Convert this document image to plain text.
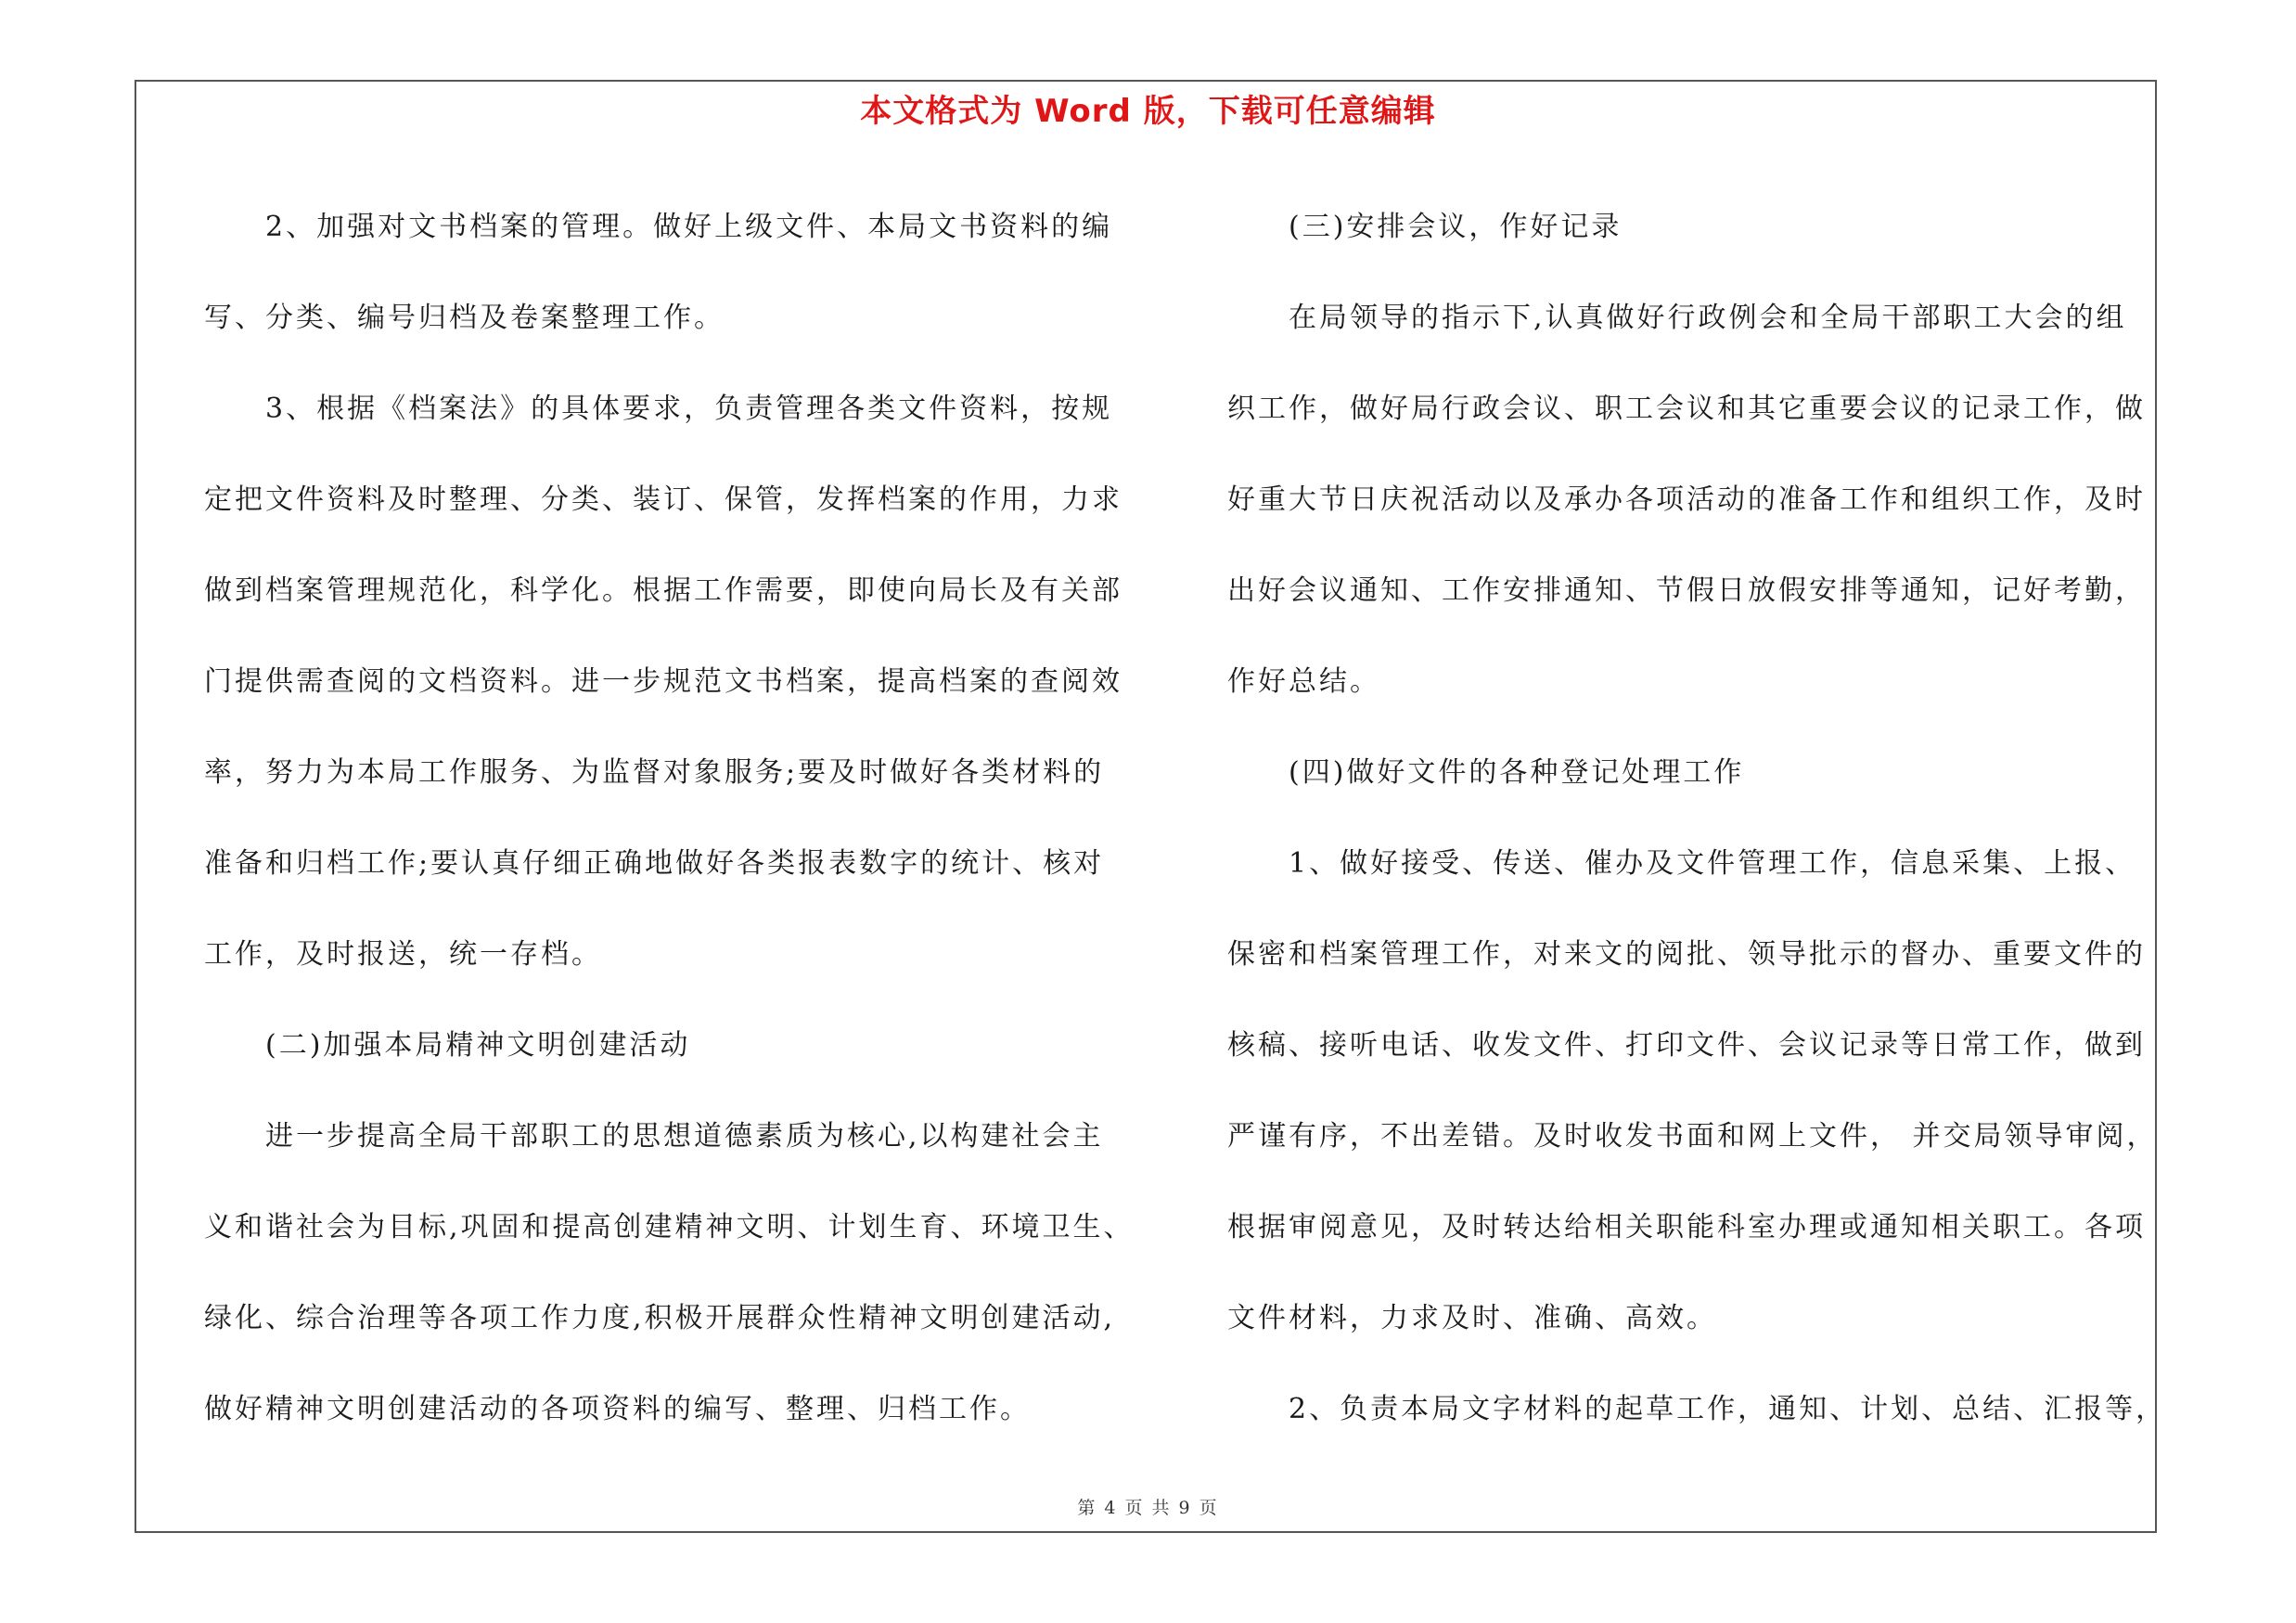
本文格式为 Word 版，下载可任意编辑

　　2、加强对文书档案的管理。做好上级文件、本局文书资料的编

写、分类、编号归档及卷案整理工作。

　　3、根据《档案法》的具体要求，负责管理各类文件资料，按规

定把文件资料及时整理、分类、装订、保管，发挥档案的作用，力求

做到档案管理规范化，科学化。根据工作需要，即使向局长及有关部

门提供需查阅的文档资料。进一步规范文书档案，提高档案的查阅效

率，努力为本局工作服务、为监督对象服务;要及时做好各类材料的

准备和归档工作;要认真仔细正确地做好各类报表数字的统计、核对

工作，及时报送，统一存档。

　　(二)加强本局精神文明创建活动

　　进一步提高全局干部职工的思想道德素质为核心,以构建社会主

义和谐社会为目标,巩固和提高创建精神文明、计划生育、环境卫生、

绿化、综合治理等各项工作力度,积极开展群众性精神文明创建活动,

做好精神文明创建活动的各项资料的编写、整理、归档工作。

　　(三)安排会议，作好记录

　　在局领导的指示下,认真做好行政例会和全局干部职工大会的组

织工作，做好局行政会议、职工会议和其它重要会议的记录工作，做

好重大节日庆祝活动以及承办各项活动的准备工作和组织工作，及时

出好会议通知、工作安排通知、节假日放假安排等通知，记好考勤，

作好总结。

　　(四)做好文件的各种登记处理工作

　　1、做好接受、传送、催办及文件管理工作，信息采集、上报、

保密和档案管理工作，对来文的阅批、领导批示的督办、重要文件的

核稿、接听电话、收发文件、打印文件、会议记录等日常工作，做到

严谨有序，不出差错。及时收发书面和网上文件， 并交局领导审阅，

根据审阅意见，及时转达给相关职能科室办理或通知相关职工。各项

文件材料，力求及时、准确、高效。

　　2、负责本局文字材料的起草工作，通知、计划、总结、汇报等，

第 4 页 共 9 页
